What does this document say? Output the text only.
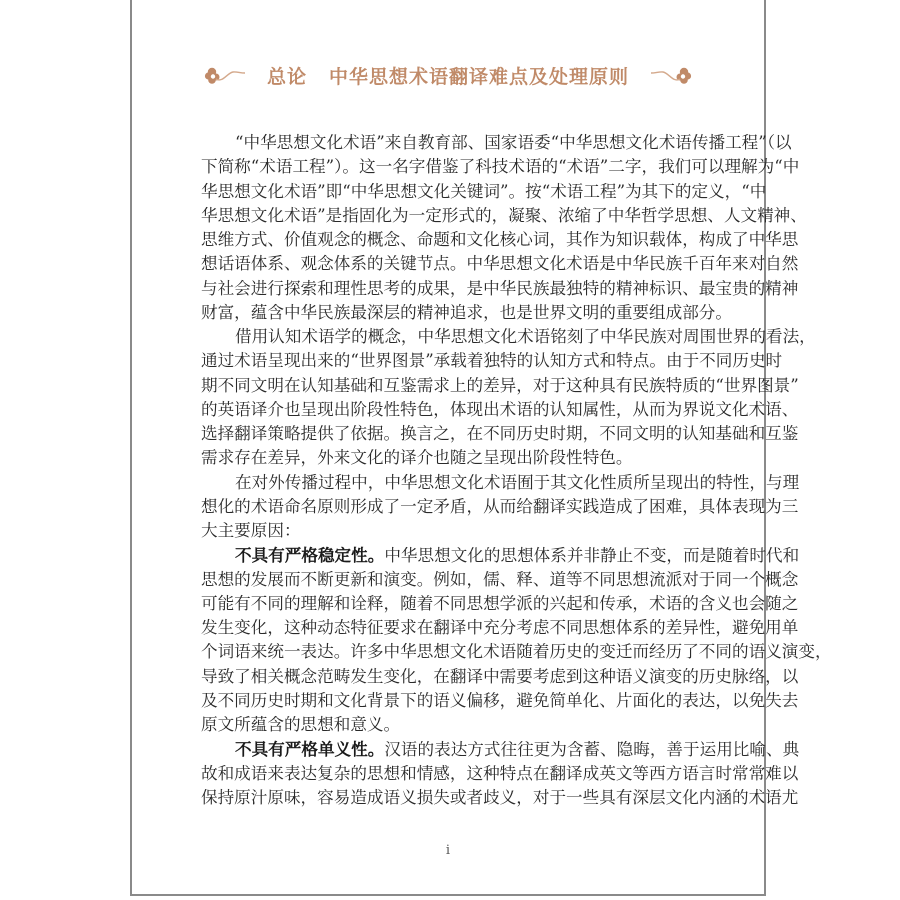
总论 中华思想术语翻译难点及处理原则
“中华思想文化术语”来自教育部、国家语委“中华思想文化术语传播工程”（以
下简称“术语工程”）。这一名字借鉴了科技术语的“术语”二字，我们可以理解为“中
华思想文化术语”即“中华思想文化关键词”。按“术语工程”为其下的定义，“中
华思想文化术语”是指固化为一定形式的，凝聚、浓缩了中华哲学思想、人文精神、
思维方式、价值观念的概念、命题和文化核心词，其作为知识载体，构成了中华思
想话语体系、观念体系的关键节点。中华思想文化术语是中华民族千百年来对自然
与社会进行探索和理性思考的成果，是中华民族最独特的精神标识、最宝贵的精神
财富，蕴含中华民族最深层的精神追求，也是世界文明的重要组成部分。
借用认知术语学的概念，中华思想文化术语铭刻了中华民族对周围世界的看法，
通过术语呈现出来的“世界图景”承载着独特的认知方式和特点。由于不同历史时
期不同文明在认知基础和互鉴需求上的差异，对于这种具有民族特质的“世界图景”
的英语译介也呈现出阶段性特色，体现出术语的认知属性，从而为界说文化术语、
选择翻译策略提供了依据。换言之，在不同历史时期，不同文明的认知基础和互鉴
需求存在差异，外来文化的译介也随之呈现出阶段性特色。
在对外传播过程中，中华思想文化术语囿于其文化性质所呈现出的特性，与理
想化的术语命名原则形成了一定矛盾，从而给翻译实践造成了困难，具体表现为三
大主要原因：
不具有严格稳定性。中华思想文化的思想体系并非静止不变，而是随着时代和
思想的发展而不断更新和演变。例如，儒、释、道等不同思想流派对于同一个概念
可能有不同的理解和诠释，随着不同思想学派的兴起和传承，术语的含义也会随之
发生变化，这种动态特征要求在翻译中充分考虑不同思想体系的差异性，避免用单
个词语来统一表达。许多中华思想文化术语随着历史的变迁而经历了不同的语义演变，
导致了相关概念范畴发生变化，在翻译中需要考虑到这种语义演变的历史脉络，以
及不同历史时期和文化背景下的语义偏移，避免简单化、片面化的表达，以免失去
原文所蕴含的思想和意义。
不具有严格单义性。汉语的表达方式往往更为含蓄、隐晦，善于运用比喻、典
故和成语来表达复杂的思想和情感，这种特点在翻译成英文等西方语言时常常难以
保持原汁原味，容易造成语义损失或者歧义，对于一些具有深层文化内涵的术语尤
i
